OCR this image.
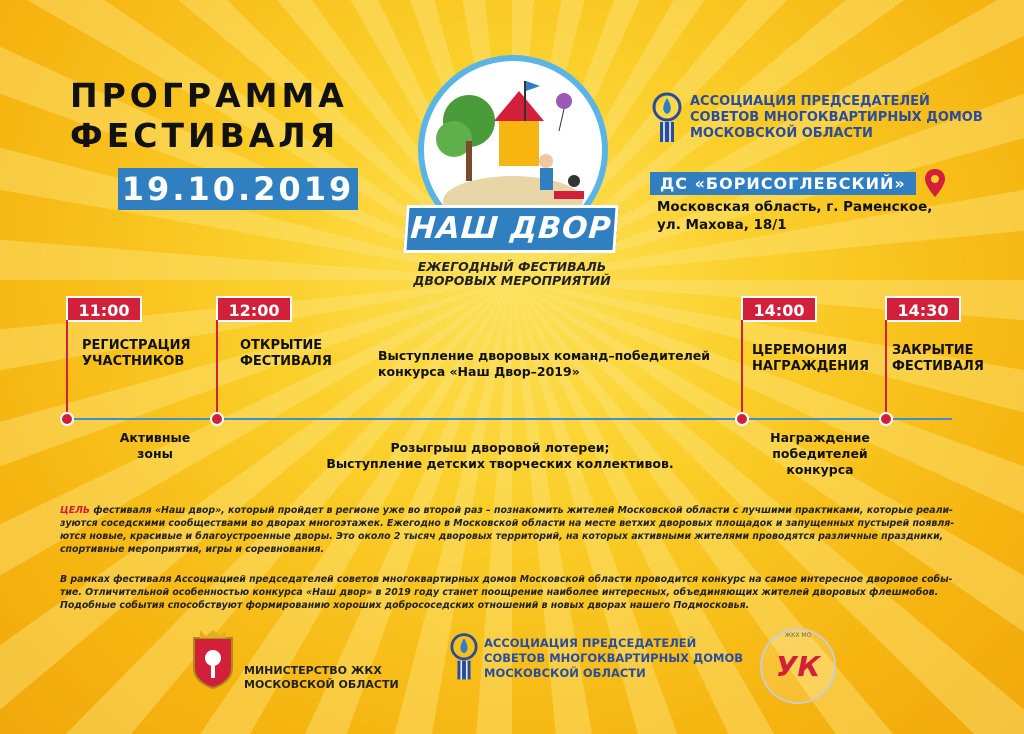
ПРОГРАММА
ФЕСТИВАЛЯ
19.10.2019
НАШ ДВОР
ЕЖЕГОДНЫЙ ФЕСТИВАЛЬ
ДВОРОВЫХ МЕРОПРИЯТИЙ
АССОЦИАЦИЯ ПРЕДСЕДАТЕЛЕЙ
СОВЕТОВ МНОГОКВАРТИРНЫХ ДОМОВ
МОСКОВСКОЙ ОБЛАСТИ
ДС «БОРИСОГЛЕБСКИЙ»
Московская область, г. Раменское,
ул. Махова, 18/1
11:00
РЕГИСТРАЦИЯ
УЧАСТНИКОВ
12:00
ОТКРЫТИЕ
ФЕСТИВАЛЯ	Выступление дворовых команд–победителей
конкурса «Наш Двор–2019»
14:00
ЦЕРЕМОНИЯ
НАГРАЖДЕНИЯ
14:30
ЗАКРЫТИЕ
ФЕСТИВАЛЯ
Активные
зоны	Розыгрыш дворовой лотереи;
Выступление детских творческих коллективов.
Награждение
победителей
конкурса
ЦЕЛЬ фестиваля «Наш двор», который пройдет в регионе уже во второй раз – познакомить жителей Московской области с лучшими практиками, которые реали-
зуются соседскими сообществами во дворах многоэтажек. Ежегодно в Московской области на месте ветхих дворовых площадок и запущенных пустырей появля-
ются новые, красивые и благоустроенные дворы. Это около 2 тысяч дворовых территорий, на которых активными жителями проводятся различные праздники,
спортивные мероприятия, игры и соревнования.
В рамках фестиваля Ассоциацией председателей советов многоквартирных домов Московской области проводится конкурс на самое интересное дворовое собы-
тие. Отличительной особенностью конкурса «Наш двор» в 2019 году станет поощрение наиболее интересных, объединяющих жителей дворовых флешмобов.
Подобные события способствуют формированию хороших добрососедских отношений в новых дворах нашего Подмосковья.
МИНИСТЕРСТВО ЖКХ
МОСКОВСКОЙ ОБЛАСТИ
АССОЦИАЦИЯ ПРЕДСЕДАТЕЛЕЙ
СОВЕТОВ МНОГОКВАРТИРНЫХ ДОМОВ
МОСКОВСКОЙ ОБЛАСТИ
ЖКХ МО
УК
